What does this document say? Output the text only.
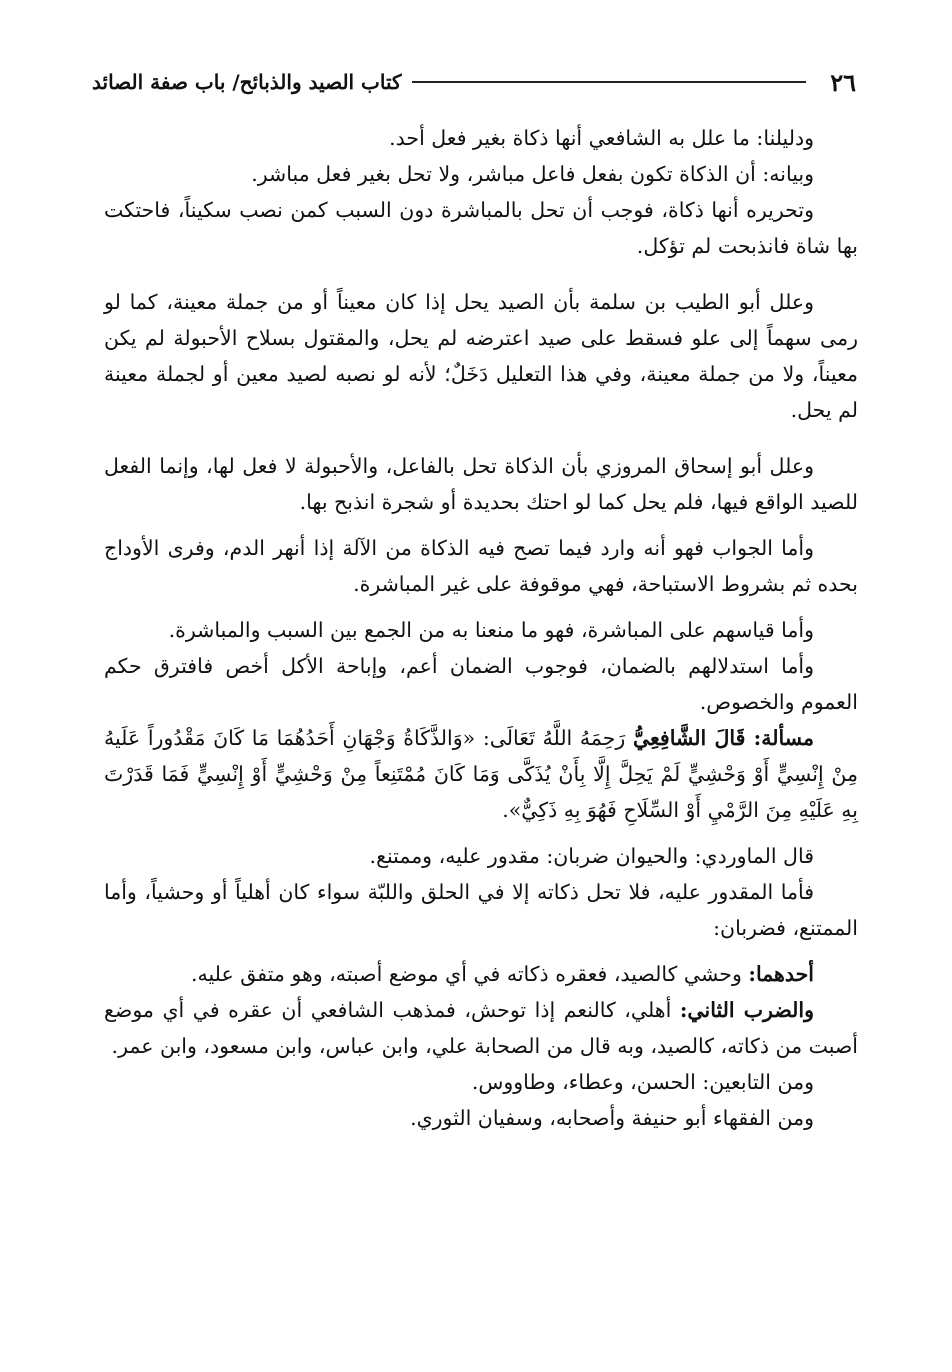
٢٦
كتاب الصيد والذبائح/ باب صفة الصائد

ودليلنا: ما علل به الشافعي أنها ذكاة بغير فعل أحد.

وبيانه: أن الذكاة تكون بفعل فاعل مباشر، ولا تحل بغير فعل مباشر.

وتحريره أنها ذكاة، فوجب أن تحل بالمباشرة دون السبب كمن نصب سكيناً، فاحتكت بها شاة فانذبحت لم تؤكل.

وعلل أبو الطيب بن سلمة بأن الصيد يحل إذا كان معيناً أو من جملة معينة، كما لو رمى سهماً إلى علو فسقط على صيد اعترضه لم يحل، والمقتول بسلاح الأحبولة لم يكن معيناً، ولا من جملة معينة، وفي هذا التعليل دَخَلٌ؛ لأنه لو نصبه لصيد معين أو لجملة معينة لم يحل.

وعلل أبو إسحاق المروزي بأن الذكاة تحل بالفاعل، والأحبولة لا فعل لها، وإنما الفعل للصيد الواقع فيها، فلم يحل كما لو احتك بحديدة أو شجرة انذبح بها.

وأما الجواب فهو أنه وارد فيما تصح فيه الذكاة من الآلة إذا أنهر الدم، وفرى الأوداج بحده ثم بشروط الاستباحة، فهي موقوفة على غير المباشرة.

وأما قياسهم على المباشرة، فهو ما منعنا به من الجمع بين السبب والمباشرة.

وأما استدلالهم بالضمان، فوجوب الضمان أعم، وإباحة الأكل أخص فافترق حكم العموم والخصوص.

مسألة: قَالَ الشَّافِعِيُّ رَحِمَهُ اللَّهُ تَعَالَى: «وَالذَّكَاةُ وَجْهَانِ أَحَدُهُمَا مَا كَانَ مَقْدُوراً عَلَيهُ مِنْ إِنْسِيٍّ أَوْ وَحْشِيٍّ لَمْ يَحِلَّ إِلَّا بِأَنْ يُذَكَّى وَمَا كَانَ مُمْتَنِعاً مِنْ وَحْشِيٍّ أَوْ إِنْسِيٍّ فَمَا قَدَرْتَ بِهِ عَلَيْهِ مِنَ الرَّمْيِ أَوْ السِّلَاحِ فَهُوَ بِهِ ذَكِيٌّ».

قال الماوردي: والحيوان ضربان: مقدور عليه، وممتنع.

فأما المقدور عليه، فلا تحل ذكاته إلا في الحلق واللبّة سواء كان أهلياً أو وحشياً، وأما الممتنع، فضربان:

أحدهما: وحشي كالصيد، فعقره ذكاته في أي موضع أصبته، وهو متفق عليه.

والضرب الثاني: أهلي، كالنعم إذا توحش، فمذهب الشافعي أن عقره في أي موضع أصبت من ذكاته، كالصيد، وبه قال من الصحابة علي، وابن عباس، وابن مسعود، وابن عمر.

ومن التابعين: الحسن، وعطاء، وطاووس.

ومن الفقهاء أبو حنيفة وأصحابه، وسفيان الثوري.
